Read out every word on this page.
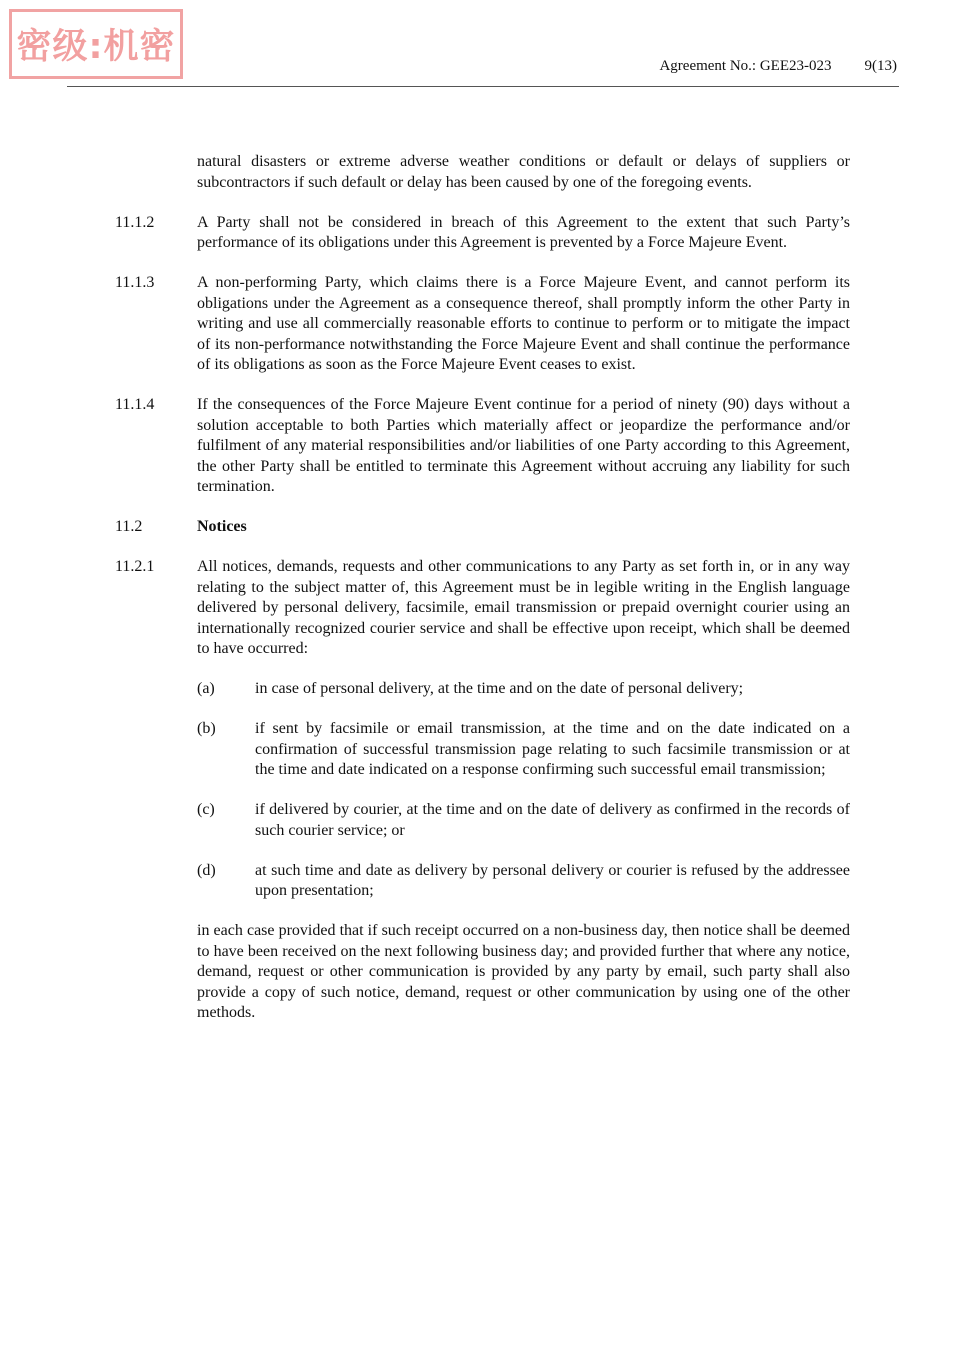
密级:机密	Agreement No.: GEE23-023 9(13)
natural disasters or extreme adverse weather conditions or default or delays of suppliers or subcontractors if such default or delay has been caused by one of the foregoing events.
11.1.2	A Party shall not be considered in breach of this Agreement to the extent that such Party’s performance of its obligations under this Agreement is prevented by a Force Majeure Event.
11.1.3	A non-performing Party, which claims there is a Force Majeure Event, and cannot perform its obligations under the Agreement as a consequence thereof, shall promptly inform the other Party in writing and use all commercially reasonable efforts to continue to perform or to mitigate the impact of its non-performance notwithstanding the Force Majeure Event and shall continue the performance of its obligations as soon as the Force Majeure Event ceases to exist.
11.1.4	If the consequences of the Force Majeure Event continue for a period of ninety (90) days without a solution acceptable to both Parties which materially affect or jeopardize the performance and/or fulfilment of any material responsibilities and/or liabilities of one Party according to this Agreement, the other Party shall be entitled to terminate this Agreement without accruing any liability for such termination.
11.2	Notices
11.2.1	All notices, demands, requests and other communications to any Party as set forth in, or in any way relating to the subject matter of, this Agreement must be in legible writing in the English language delivered by personal delivery, facsimile, email transmission or prepaid overnight courier using an internationally recognized courier service and shall be effective upon receipt, which shall be deemed to have occurred:
(a)	in case of personal delivery, at the time and on the date of personal delivery;
(b)	if sent by facsimile or email transmission, at the time and on the date indicated on a confirmation of successful transmission page relating to such facsimile transmission or at the time and date indicated on a response confirming such successful email transmission;
(c)	if delivered by courier, at the time and on the date of delivery as confirmed in the records of such courier service; or
(d)	at such time and date as delivery by personal delivery or courier is refused by the addressee upon presentation;
in each case provided that if such receipt occurred on a non-business day, then notice shall be deemed to have been received on the next following business day; and provided further that where any notice, demand, request or other communication is provided by any party by email, such party shall also provide a copy of such notice, demand, request or other communication by using one of the other methods.
